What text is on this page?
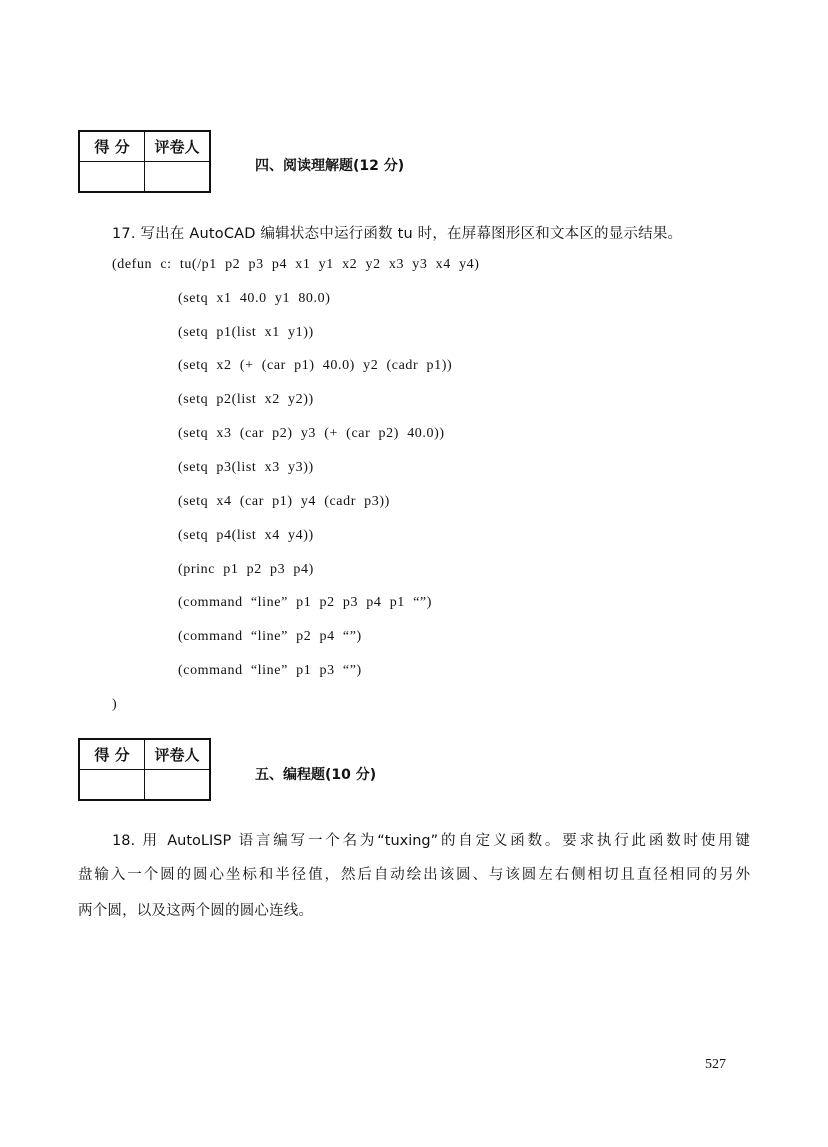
得 分	评卷人

四、阅读理解题(12 分)
17. 写出在 AutoCAD 编辑状态中运行函数 tu 时，在屏幕图形区和文本区的显示结果。
(defun  c:  tu(/p1  p2  p3  p4  x1  y1  x2  y2  x3  y3  x4  y4)
(setq  x1  40.0  y1  80.0)
(setq  p1(list  x1  y1))
(setq  x2  (+  (car  p1)  40.0)  y2  (cadr  p1))
(setq  p2(list  x2  y2))
(setq  x3  (car  p2)  y3  (+  (car  p2)  40.0))
(setq  p3(list  x3  y3))
(setq  x4  (car  p1)  y4  (cadr  p3))
(setq  p4(list  x4  y4))
(princ  p1  p2  p3  p4)
(command  “line”  p1  p2  p3  p4  p1  “”)
(command  “line”  p2  p4  “”)
(command  “line”  p1  p3  “”)
)
得 分	评卷人

五、编程题(10 分)
18. 用 AutoLISP 语言编写一个名为“tuxing”的自定义函数。要求执行此函数时使用键
盘输入一个圆的圆心坐标和半径值，然后自动绘出该圆、与该圆左右侧相切且直径相同的另外
两个圆，以及这两个圆的圆心连线。
527
